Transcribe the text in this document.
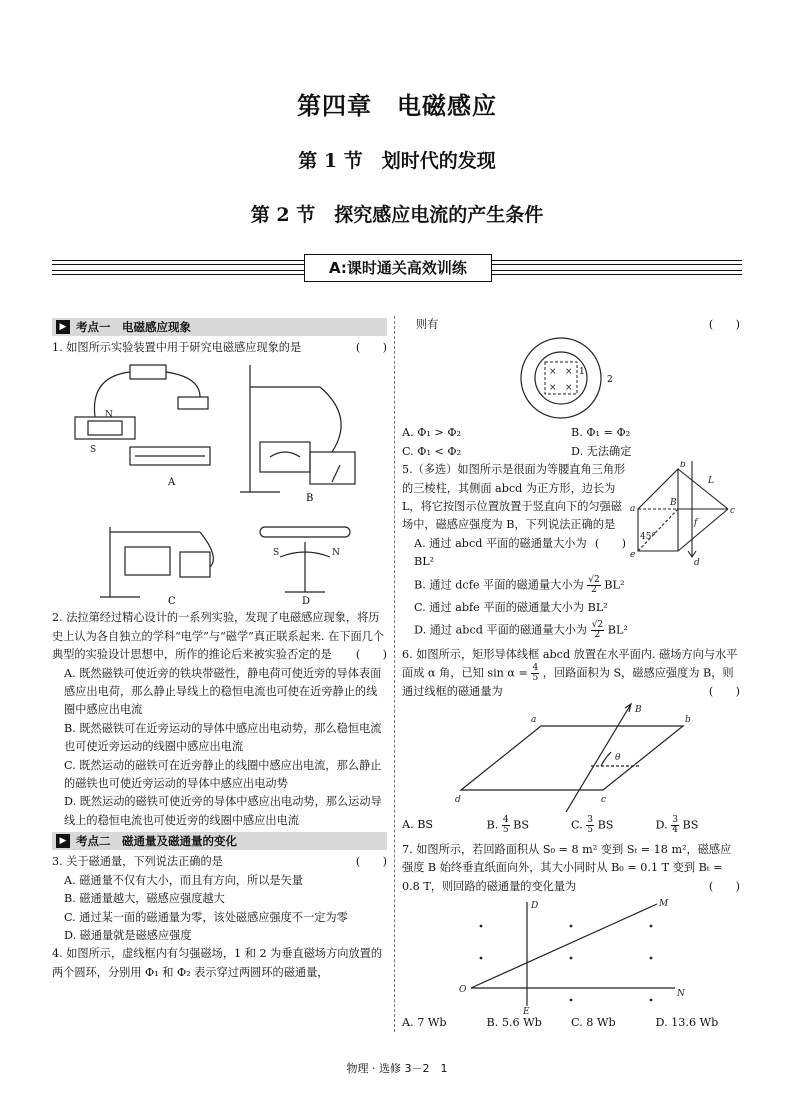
第四章　电磁感应
第 1 节　划时代的发现
第 2 节　探究感应电流的产生条件
A:课时通关高效训练
▶ 考点一　电磁感应现象
(　　)
1. 如图所示实验装置中用于研究电磁感应现象的是
N
S
S	N
A
B
C	D
2. 法拉第经过精心设计的一系列实验，发现了电磁感应现象，将历史上认为各自独立的学科“电学”与“磁学”真正联系起来. 在下面几个典型的实验设计思想中，所作的推论后来被实验否定的是 (　　)
A. 既然磁铁可使近旁的铁块带磁性，静电荷可使近旁的导体表面感应出电荷，那么静止导线上的稳恒电流也可使在近旁静止的线圈中感应出电流
B. 既然磁铁可在近旁运动的导体中感应出电动势，那么稳恒电流也可使近旁运动的线圈中感应出电流
C. 既然运动的磁铁可在近旁静止的线圈中感应出电流，那么静止的磁铁也可使近旁运动的导体中感应出电动势
D. 既然运动的磁铁可使近旁的导体中感应出电动势，那么运动导线上的稳恒电流也可使近旁的线圈中感应出电流
▶ 考点二　磁通量及磁通量的变化
(　　)
3. 关于磁通量，下列说法正确的是
A. 磁通量不仅有大小，而且有方向，所以是矢量
B. 磁通量越大，磁感应强度越大
C. 通过某一面的磁通量为零，该处磁感应强度不一定为零
D. 磁通量就是磁感应强度
4. 如图所示，虚线框内有匀强磁场，1 和 2 为垂直磁场方向放置的两个圆环，分别用 Φ₁ 和 Φ₂ 表示穿过两圆环的磁通量，
(　　)
则有
× ×
× ×
1
2
A. Φ₁ > Φ₂	B. Φ₁ = Φ₂
C. Φ₁ < Φ₂	D. 无法确定
a
b
c
d
e
f
L
B
45°
5.（多选）如图所示是很面为等腰直角三角形的三棱柱，其侧面 abcd 为正方形，边长为 L，将它按图示位置放置于竖直向下的匀强磁场中，磁感应强度为 B，下列说法正确的是
(　　)
A. 通过 abcd 平面的磁通量大小为 BL²
B. 通过 dcfe 平面的磁通量大小为 $\frac{√2}{2} BL^2$
C. 通过 abfe 平面的磁通量大小为 BL²
D. 通过 abcd 平面的磁通量大小为 $\frac{√2}{2} BL^2$
6. 如图所示，矩形导体线框 abcd 放置在水平面内. 磁场方向与水平面成 α 角，已知 $\sin \alpha = \frac{4}{5}$ ，回路面积为 S，磁感应强度为 B，则通过线框的磁通量为	(　　)
a	b
c
d
B
θ
A. BS	B. $\frac{4}{5}$ BS	C. $\frac{3}{5}$ BS	D. $\frac{3}{4}$ BS
7. 如图所示，若回路面积从 S₀ = 8 m² 变到 Sₜ = 18 m²，磁感应强度 B 始终垂直纸面向外，其大小同时从 B₀ = 0.1 T 变到 Bₜ = 0.8 T，则回路的磁通量的变化量为	(　　)
D	M
O
E
N
A. 7 Wb	B. 5.6 Wb	C. 8 Wb	D. 13.6 Wb
物理 · 选修 3－2　1
